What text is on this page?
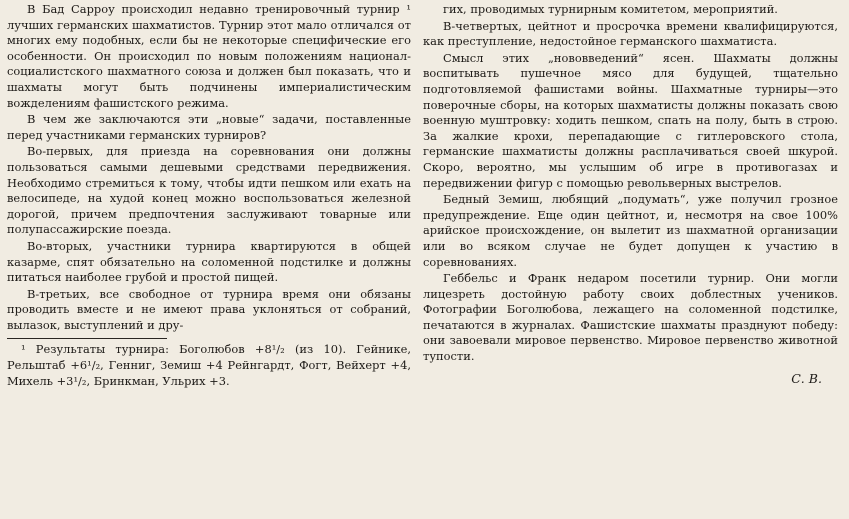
В Бад Сарроу происходил недавно тренировочный турнир ¹ лучших германских шахматистов. Турнир этот мало отличался от многих ему подобных, если бы не некоторые специфические его особенности. Он происходил по новым положениям национал-социалистского шахматного союза и должен был показать, что и шахматы могут быть подчинены империалистическим вожделениям фашистского режима.

В чем же заключаются эти „новые“ задачи, поставленные перед участниками германских турниров?

Во-первых, для приезда на соревнования они должны пользоваться самыми дешевыми средствами передвижения. Необходимо стремиться к тому, чтобы идти пешком или ехать на велосипеде, на худой конец можно воспользоваться железной дорогой, причем предпочтения заслуживают товарные или полупассажирские поезда.

Во-вторых, участники турнира квартируются в общей казарме, спят обязательно на соломенной подстилке и должны питаться наиболее грубой и простой пищей.

В-третьих, все свободное от турнира время они обязаны проводить вместе и не имеют права уклоняться от собраний, вылазок, выступлений и дру-

¹ Результаты турнира: Боголюбов +8¹/₂ (из 10). Гейнике, Рельштаб +6¹/₂, Генниг, Земиш +4 Рейнгардт, Фогт, Вейхерт +4, Михель +3¹/₂, Бринкман, Ульрих +3.

гих, проводимых турнирным комитетом, мероприятий.

В-четвертых, цейтнот и просрочка времени квалифицируются, как преступление, недостойное германского шахматиста.

Смысл этих „нововведений“ ясен. Шахматы должны воспитывать пушечное мясо для будущей, тщательно подготовляемой фашистами войны. Шахматные турниры—это поверочные сборы, на которых шахматисты должны показать свою военную муштровку: ходить пешком, спать на полу, быть в строю. За жалкие крохи, перепадающие с гитлеровского стола, германские шахматисты должны расплачиваться своей шкурой. Скоро, вероятно, мы услышим об игре в противогазах и передвижении фигур с помощью револьверных выстрелов.

Бедный Земиш, любящий „подумать“, уже получил грозное предупреждение. Еще один цейтнот, и, несмотря на свое 100% арийское происхождение, он вылетит из шахматной организации или во всяком случае не будет допущен к участию в соревнованиях.

Геббельс и Франк недаром посетили турнир. Они могли лицезреть достойную работу своих доблестных учеников. Фотографии Боголюбова, лежащего на соломенной подстилке, печатаются в журналах. Фашистские шахматы празднуют победу: они завоевали мировое первенство. Мировое первенство животной тупости.

С. В.
